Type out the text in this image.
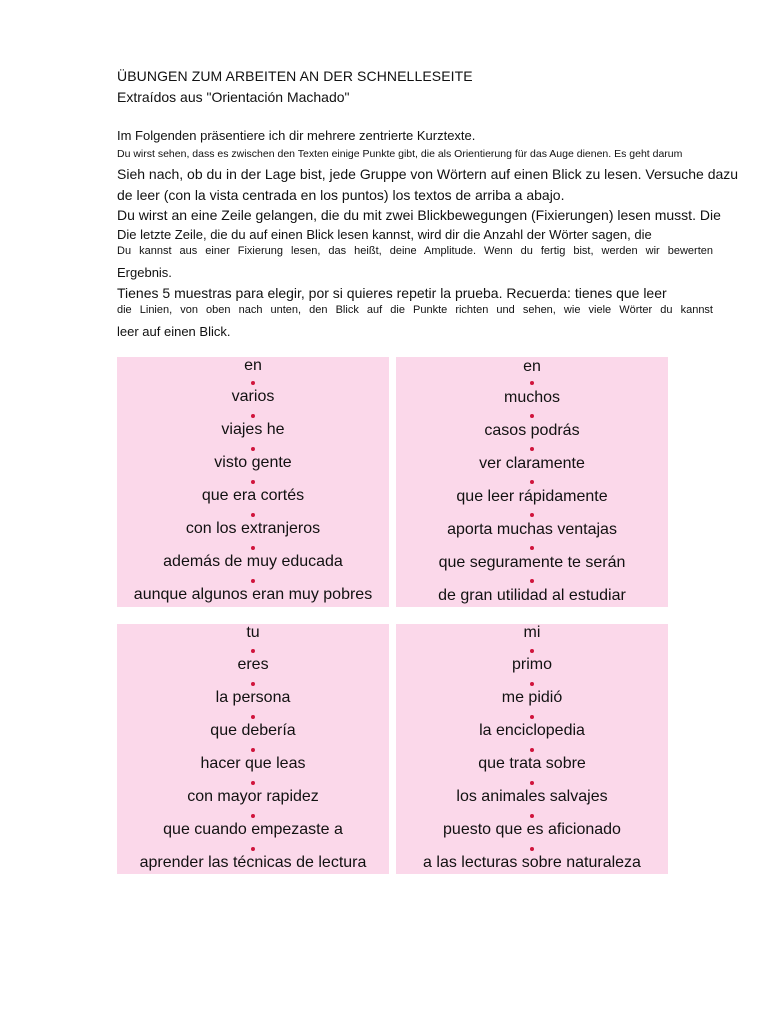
ÜBUNGEN ZUM ARBEITEN AN DER SCHNELLESEITE
Extraídos aus "Orientación Machado"
Im Folgenden präsentiere ich dir mehrere zentrierte Kurztexte.
Du wirst sehen, dass es zwischen den Texten einige Punkte gibt, die als Orientierung für das Auge dienen. Es geht darum
Sieh nach, ob du in der Lage bist, jede Gruppe von Wörtern auf einen Blick zu lesen. Versuche dazu
de leer (con la vista centrada en los puntos) los textos de arriba a abajo.
Du wirst an eine Zeile gelangen, die du mit zwei Blickbewegungen (Fixierungen) lesen musst. Die
Die letzte Zeile, die du auf einen Blick lesen kannst, wird dir die Anzahl der Wörter sagen, die
Du kannst aus einer Fixierung lesen, das heißt, deine Amplitude. Wenn du fertig bist, werden wir bewerten
Ergebnis.
Tienes 5 muestras para elegir, por si quieres repetir la prueba. Recuerda: tienes que leer
die Linien, von oben nach unten, den Blick auf die Punkte richten und sehen, wie viele Wörter du kannst
leer auf einen Blick.
en
varios
viajes he
visto gente
que era cortés
con los extranjeros
además de muy educada
aunque algunos eran muy pobres
en
muchos
casos podrás
ver claramente
que leer rápidamente
aporta muchas ventajas
que seguramente te serán
de gran utilidad al estudiar
tu
eres
la persona
que debería
hacer que leas
con mayor rapidez
que cuando empezaste a
aprender las técnicas de lectura
mi
primo
me pidió
la enciclopedia
que trata sobre
los animales salvajes
puesto que es aficionado
a las lecturas sobre naturaleza
